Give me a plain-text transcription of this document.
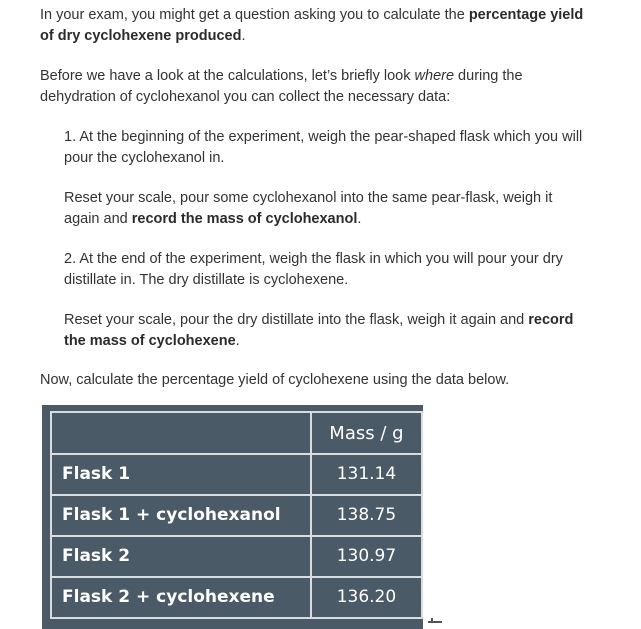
In your exam, you might get a question asking you to calculate the percentage yield of dry cyclohexene produced.

Before we have a look at the calculations, let’s briefly look where during the dehydration of cyclohexanol you can collect the necessary data:

1. At the beginning of the experiment, weigh the pear-shaped flask which you will pour the cyclohexanol in.

Reset your scale, pour some cyclohexanol into the same pear-flask, weigh it again and record the mass of cyclohexanol.

2. At the end of the experiment, weigh the flask in which you will pour your dry distillate in. The dry distillate is cyclohexene.

Reset your scale, pour the dry distillate into the flask, weigh it again and record the mass of cyclohexene.

Now, calculate the percentage yield of cyclohexene using the data below.

	Mass / g
Flask 1	131.14
Flask 1 + cyclohexanol	138.75
Flask 2	130.97
Flask 2 + cyclohexene	136.20
